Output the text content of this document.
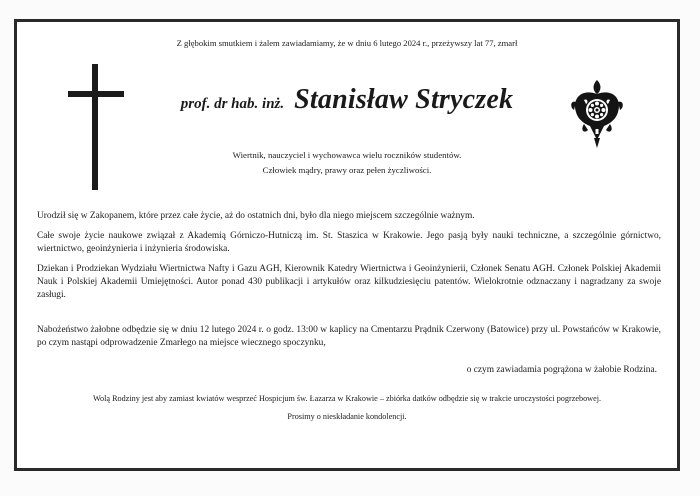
Z głębokim smutkiem i żalem zawiadamiamy, że w dniu 6 lutego 2024 r., przeżywszy lat 77, zmarł
prof. dr hab. inż. Stanisław Stryczek
Wiertnik, nauczyciel i wychowawca wielu roczników studentów.
Człowiek mądry, prawy oraz pełen życzliwości.
Urodził się w Zakopanem, które przez całe życie, aż do ostatnich dni, było dla niego miejscem szczególnie ważnym.
Całe swoje życie naukowe związał z Akademią Górniczo-Hutniczą im. St. Staszica w Krakowie. Jego pasją były nauki techniczne, a szczególnie górnictwo, wiertnictwo, geoinżynieria i inżynieria środowiska.
Dziekan i Prodziekan Wydziału Wiertnictwa Nafty i Gazu AGH, Kierownik Katedry Wiertnictwa i Geoinżynierii, Członek Senatu AGH. Członek Polskiej Akademii Nauk i Polskiej Akademii Umiejętności. Autor ponad 430 publikacji i artykułów oraz kilkudziesięciu patentów. Wielokrotnie odznaczany i nagradzany za swoje zasługi.
Nabożeństwo żałobne odbędzie się w dniu 12 lutego 2024 r. o godz. 13:00 w kaplicy na Cmentarzu Prądnik Czerwony (Batowice) przy ul. Powstańców w Krakowie, po czym nastąpi odprowadzenie Zmarłego na miejsce wiecznego spoczynku,
o czym zawiadamia pogrążona w żałobie Rodzina.
Wolą Rodziny jest aby zamiast kwiatów wesprzeć Hospicjum św. Łazarza w Krakowie – zbiórka datków odbędzie się w trakcie uroczystości pogrzebowej.
Prosimy o nieskładanie kondolencji.
